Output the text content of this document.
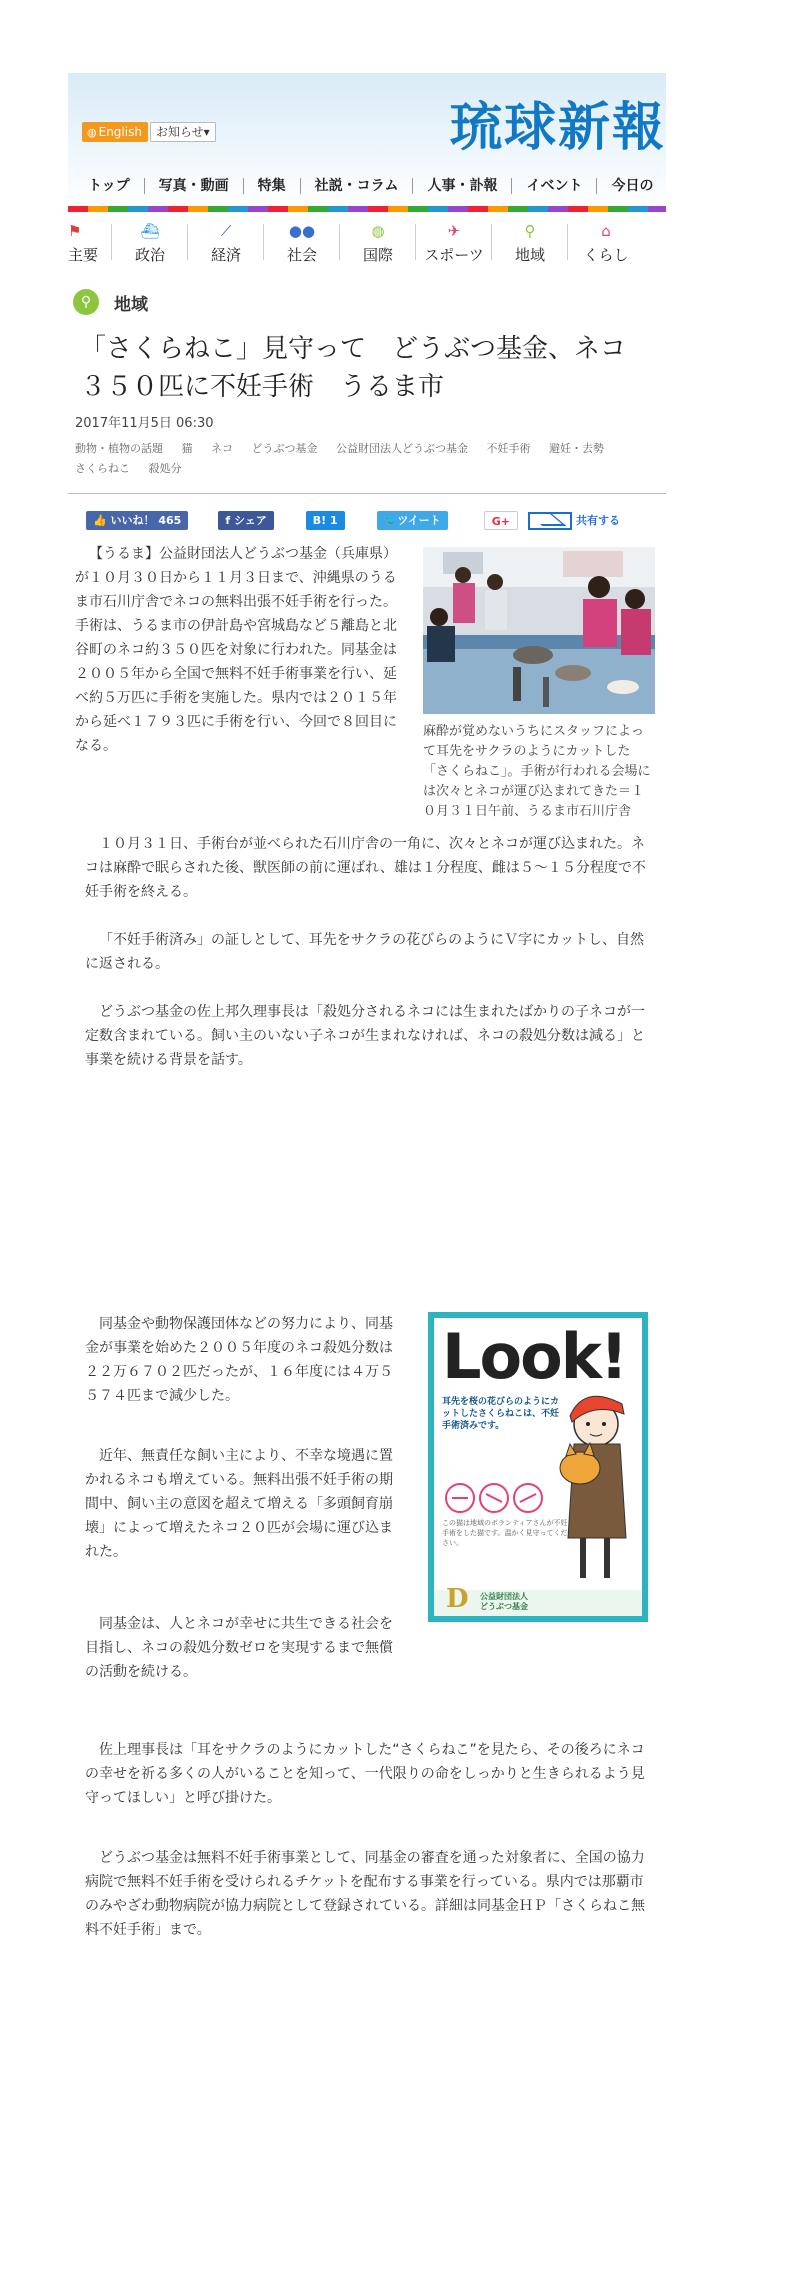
◍ English	お知らせ▾	琉球新報
トップ	写真・動画	特集	社説・コラム	人事・訃報	イベント	今日の
⚑
主要
⛴
政治
⟋
経済
●●
社会
◍
国際
✈
スポーツ
⚲
地域
⌂
くらし
⚲	地域
「さくらねこ」見守って　どうぶつ基金、ネコ
３５０匹に不妊手術　うるま市
2017年11月5日 06:30
動物・植物の話題 猫 ネコ どうぶつ基金 公益財団法人どうぶつ基金 不妊手術 避妊・去勢
さくらねこ 殺処分
👍 いいね！ 465	f シェア	B! 1	🐦ツイート	G+	共有する

【うるま】公益財団法人どうぶつ基金（兵庫県）が１０月３０日から１１月３日まで、沖縄県のうるま市石川庁舎でネコの無料出張不妊手術を行った。手術は、うるま市の伊計島や宮城島など５離島と北谷町のネコ約３５０匹を対象に行われた。同基金は２００５年から全国で無料不妊手術事業を行い、延べ約５万匹に手術を実施した。県内では２０１５年から延べ１７９３匹に手術を行い、今回で８回目になる。

麻酔が覚めないうちにスタッフによって耳先をサクラのようにカットした「さくらねこ」。手術が行われる会場には次々とネコが運び込まれてきた＝１０月３１日午前、うるま市石川庁舎

１０月３１日、手術台が並べられた石川庁舎の一角に、次々とネコが運び込まれた。ネコは麻酔で眠らされた後、獣医師の前に運ばれ、雄は１分程度、雌は５～１５分程度で不妊手術を終える。

「不妊手術済み」の証しとして、耳先をサクラの花びらのようにＶ字にカットし、自然に返される。

どうぶつ基金の佐上邦久理事長は「殺処分されるネコには生まれたばかりの子ネコが一定数含まれている。飼い主のいない子ネコが生まれなければ、ネコの殺処分数は減る」と事業を続ける背景を話す。

同基金や動物保護団体などの努力により、同基金が事業を始めた２００５年度のネコ殺処分数は２２万６７０２匹だったが、１６年度には４万５５７４匹まで減少した。

近年、無責任な飼い主により、不幸な境遇に置かれるネコも増えている。無料出張不妊手術の期間中、飼い主の意図を超えて増える「多頭飼育崩壊」によって増えたネコ２０匹が会場に運び込まれた。

同基金は、人とネコが幸せに共生できる社会を目指し、ネコの殺処分数ゼロを実現するまで無償の活動を続ける。

Look!
耳先を桜の花びらのようにカットしたさくらねこは、不妊手術済みです。
この猫は地域のボランティアさんが不妊手術をした猫です。温かく見守ってください。
D 公益財団法人
どうぶつ基金

佐上理事長は「耳をサクラのようにカットした“さくらねこ”を見たら、その後ろにネコの幸せを祈る多くの人がいることを知って、一代限りの命をしっかりと生きられるよう見守ってほしい」と呼び掛けた。

どうぶつ基金は無料不妊手術事業として、同基金の審査を通った対象者に、全国の協力病院で無料不妊手術を受けられるチケットを配布する事業を行っている。県内では那覇市のみやざわ動物病院が協力病院として登録されている。詳細は同基金ＨＰ「さくらねこ無料不妊手術」まで。
